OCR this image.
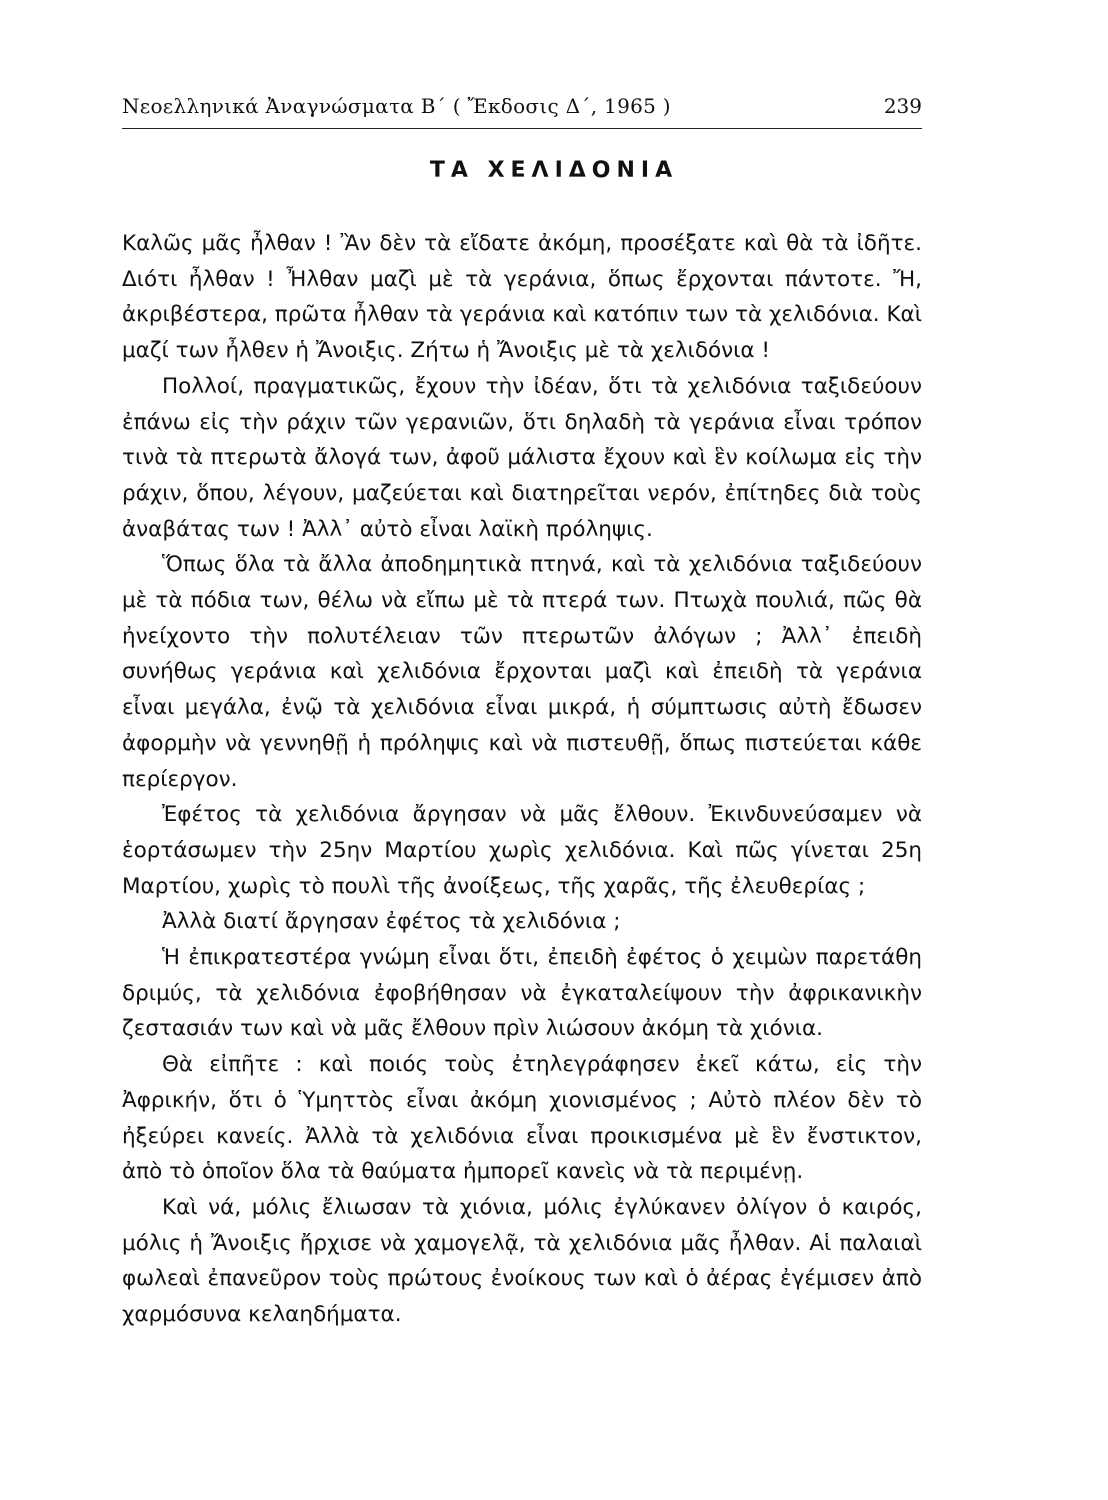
Νεοελληνικά Ἀναγνώσματα Β΄ ( Ἔκδοσις Δ΄, 1965 )	239
ΤΑ ΧΕΛΙΔΟΝΙΑ

Καλῶς μᾶς ἦλθαν ! Ἂν δὲν τὰ εἴδατε ἀκόμη, προσέξατε καὶ θὰ τὰ ἰδῆτε. Διότι ἦλθαν ! Ἦλθαν μαζὶ μὲ τὰ γεράνια, ὅπως ἔρχονται πάντοτε. Ἤ, ἀκριβέστερα, πρῶτα ἦλθαν τὰ γεράνια καὶ κατόπιν των τὰ χελιδόνια. Καὶ μαζί των ἦλθεν ἡ Ἄνοιξις. Ζήτω ἡ Ἄνοιξις μὲ τὰ χελιδόνια !

Πολλοί, πραγματικῶς, ἔχουν τὴν ἰδέαν, ὅτι τὰ χελιδόνια ταξιδεύουν ἐπάνω εἰς τὴν ράχιν τῶν γερανιῶν, ὅτι δηλαδὴ τὰ γεράνια εἶναι τρόπον τινὰ τὰ πτερωτὰ ἄλογά των, ἀφοῦ μάλιστα ἔχουν καὶ ἓν κοίλωμα εἰς τὴν ράχιν, ὅπου, λέγουν, μαζεύεται καὶ διατηρεῖται νερόν, ἐπίτηδες διὰ τοὺς ἀναβάτας των ! Ἀλλ᾽ αὐτὸ εἶναι λαϊκὴ πρόληψις.

Ὅπως ὅλα τὰ ἄλλα ἀποδημητικὰ πτηνά, καὶ τὰ χελιδόνια ταξιδεύουν μὲ τὰ πόδια των, θέλω νὰ εἴπω μὲ τὰ πτερά των. Πτωχὰ πουλιά, πῶς θὰ ἠνείχοντο τὴν πολυτέλειαν τῶν πτερωτῶν ἀλόγων ; Ἀλλ᾽ ἐπειδὴ συνήθως γεράνια καὶ χελιδόνια ἔρχονται μαζὶ καὶ ἐπειδὴ τὰ γεράνια εἶναι μεγάλα, ἐνῷ τὰ χελιδόνια εἶναι μικρά, ἡ σύμπτωσις αὐτὴ ἔδωσεν ἀφορμὴν νὰ γεννηθῇ ἡ πρόληψις καὶ νὰ πιστευθῇ, ὅπως πιστεύεται κάθε περίεργον.

Ἐφέτος τὰ χελιδόνια ἄργησαν νὰ μᾶς ἔλθουν. Ἐκινδυνεύσαμεν νὰ ἑορτάσωμεν τὴν 25ην Μαρτίου χωρὶς χελιδόνια. Καὶ πῶς γίνεται 25η Μαρτίου, χωρὶς τὸ πουλὶ τῆς ἀνοίξεως, τῆς χαρᾶς, τῆς ἐλευθερίας ;

Ἀλλὰ διατί ἄργησαν ἐφέτος τὰ χελιδόνια ;

Ἡ ἐπικρατεστέρα γνώμη εἶναι ὅτι, ἐπειδὴ ἐφέτος ὁ χειμὼν παρετάθη δριμύς, τὰ χελιδόνια ἐφοβήθησαν νὰ ἐγκαταλείψουν τὴν ἀφρικανικὴν ζεστασιάν των καὶ νὰ μᾶς ἔλθουν πρὶν λιώσουν ἀκόμη τὰ χιόνια.

Θὰ εἰπῆτε : καὶ ποιός τοὺς ἐτηλεγράφησεν ἐκεῖ κάτω, εἰς τὴν Ἀφρικήν, ὅτι ὁ Ὑμηττὸς εἶναι ἀκόμη χιονισμένος ; Αὐτὸ πλέον δὲν τὸ ἠξεύρει κανείς. Ἀλλὰ τὰ χελιδόνια εἶναι προικισμένα μὲ ἓν ἔνστικτον, ἀπὸ τὸ ὁποῖον ὅλα τὰ θαύματα ἠμπορεῖ κανεὶς νὰ τὰ περιμένῃ.

Καὶ νά, μόλις ἔλιωσαν τὰ χιόνια, μόλις ἐγλύκανεν ὀλίγον ὁ καιρός, μόλις ἡ Ἄνοιξις ἤρχισε νὰ χαμογελᾷ, τὰ χελιδόνια μᾶς ἦλθαν. Αἱ παλαιαὶ φωλεαὶ ἐπανεῦρον τοὺς πρώτους ἐνοίκους των καὶ ὁ ἀέρας ἐγέμισεν ἀπὸ χαρμόσυνα κελαηδήματα.
